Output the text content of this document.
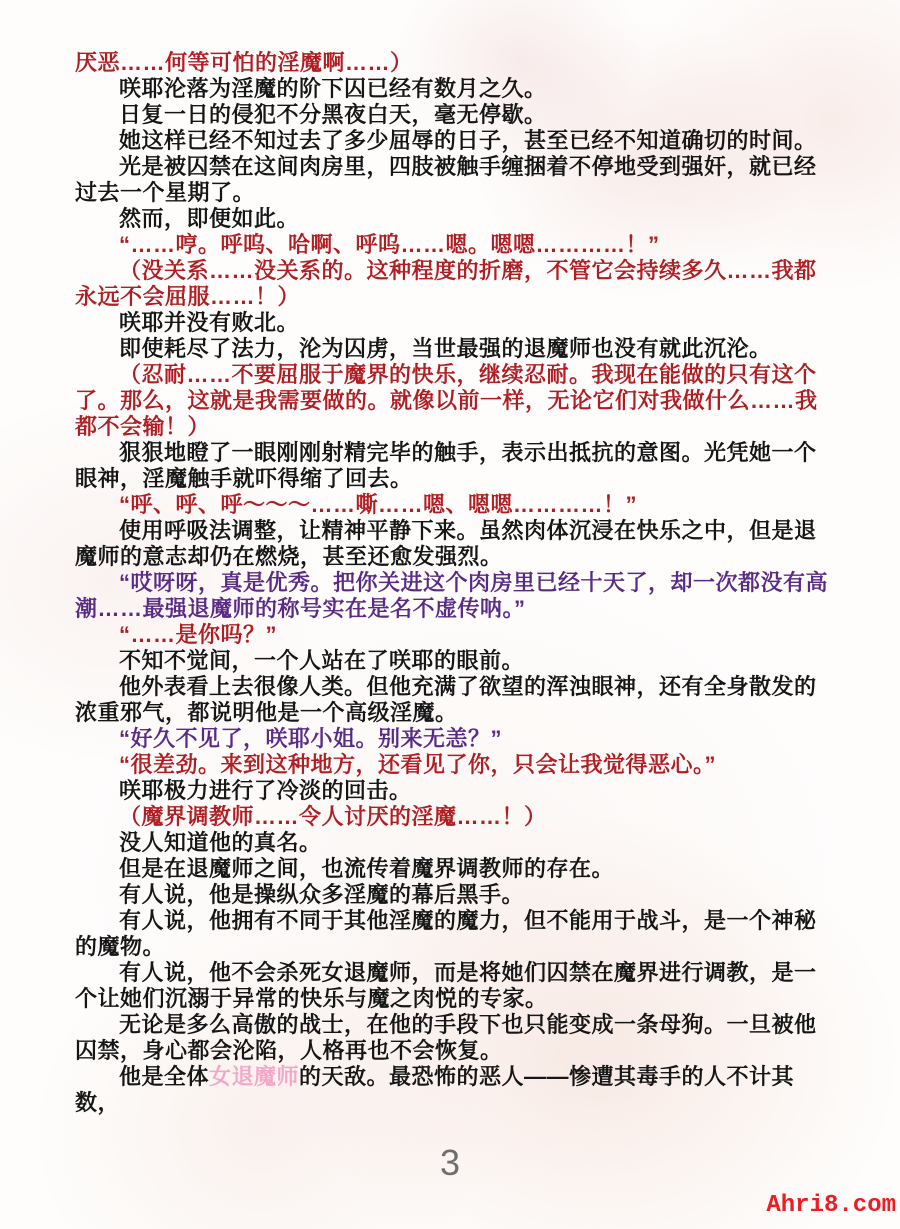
厌恶……何等可怕的淫魔啊……）

咲耶沦落为淫魔的阶下囚已经有数月之久。

日复一日的侵犯不分黑夜白天，毫无停歇。

她这样已经不知过去了多少屈辱的日子，甚至已经不知道确切的时间。

光是被囚禁在这间肉房里，四肢被触手缠捆着不停地受到强奸，就已经过去一个星期了。

然而，即便如此。

“……哼。呼呜、哈啊、呼呜……嗯。嗯嗯…………！”

（没关系……没关系的。这种程度的折磨，不管它会持续多久……我都永远不会屈服……！）

咲耶并没有败北。

即使耗尽了法力，沦为囚虏，当世最强的退魔师也没有就此沉沦。

（忍耐……不要屈服于魔界的快乐，继续忍耐。我现在能做的只有这个了。那么，这就是我需要做的。就像以前一样，无论它们对我做什么……我都不会输！）

狠狠地瞪了一眼刚刚射精完毕的触手，表示出抵抗的意图。光凭她一个眼神，淫魔触手就吓得缩了回去。

“呼、呼、呼～～～……嘶……嗯、嗯嗯…………！”

使用呼吸法调整，让精神平静下来。虽然肉体沉浸在快乐之中，但是退魔师的意志却仍在燃烧，甚至还愈发强烈。

“哎呀呀，真是优秀。把你关进这个肉房里已经十天了，却一次都没有高潮……最强退魔师的称号实在是名不虚传呐。”

“……是你吗？”

不知不觉间，一个人站在了咲耶的眼前。

他外表看上去很像人类。但他充满了欲望的浑浊眼神，还有全身散发的浓重邪气，都说明他是一个高级淫魔。

“好久不见了，咲耶小姐。别来无恙？”

“很差劲。来到这种地方，还看见了你，只会让我觉得恶心。”

咲耶极力进行了冷淡的回击。

（魔界调教师……令人讨厌的淫魔……！）

没人知道他的真名。

但是在退魔师之间，也流传着魔界调教师的存在。

有人说，他是操纵众多淫魔的幕后黑手。

有人说，他拥有不同于其他淫魔的魔力，但不能用于战斗，是一个神秘的魔物。

有人说，他不会杀死女退魔师，而是将她们囚禁在魔界进行调教，是一个让她们沉溺于异常的快乐与魔之肉悦的专家。

无论是多么高傲的战士，在他的手段下也只能变成一条母狗。一旦被他囚禁，身心都会沦陷，人格再也不会恢复。

他是全体女退魔师的天敌。最恐怖的恶人——惨遭其毒手的人不计其数，

3
Ahri8.com
